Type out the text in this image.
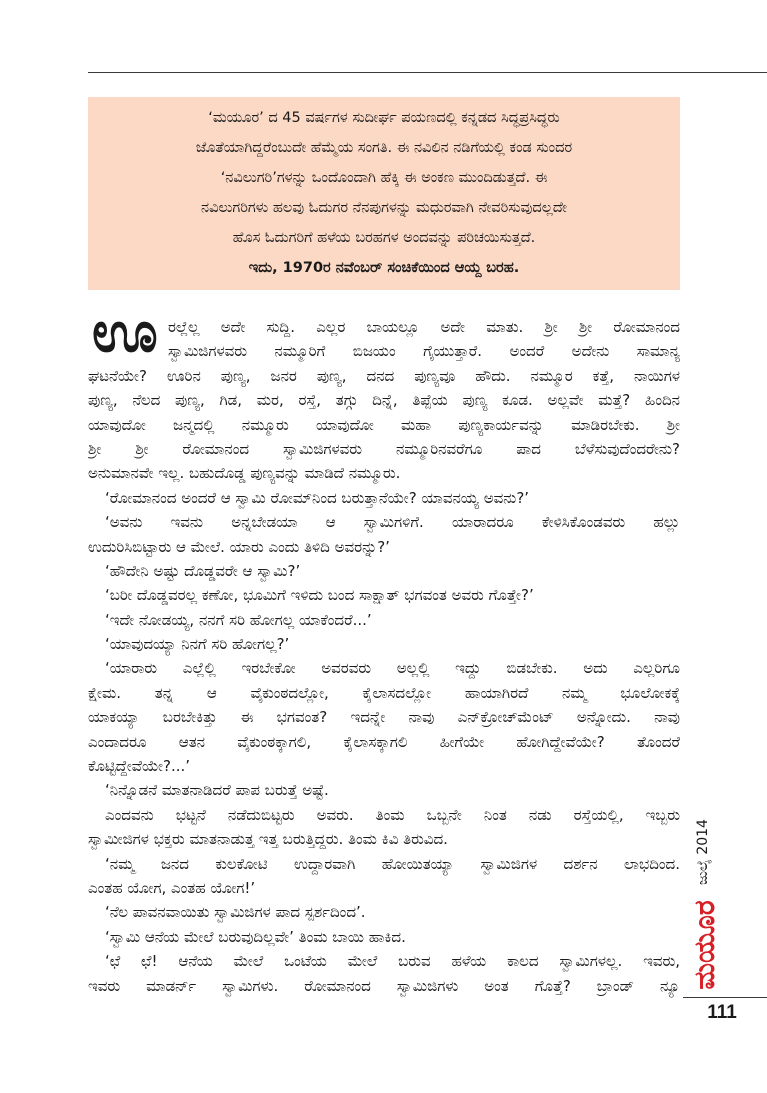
‘ಮಯೂರ’ ದ 45 ವರ್ಷಗಳ ಸುದೀರ್ಘ ಪಯಣದಲ್ಲಿ ಕನ್ನಡದ ಸಿದ್ಧಪ್ರಸಿದ್ಧರು
ಜೊತೆಯಾಗಿದ್ದರೆಂಬುದೇ ಹೆಮ್ಮೆಯ ಸಂಗತಿ. ಈ ನವಿಲಿನ ನಡಿಗೆಯಲ್ಲಿ ಕಂಡ ಸುಂದರ
‘ನವಿಲುಗರಿ’ಗಳನ್ನು ಒಂದೊಂದಾಗಿ ಹೆಕ್ಕಿ ಈ ಅಂಕಣ ಮುಂದಿಡುತ್ತದೆ. ಈ
ನವಿಲುಗರಿಗಳು ಹಲವು ಓದುಗರ ನೆನಪುಗಳನ್ನು ಮಧುರವಾಗಿ ನೇವರಿಸುವುದಲ್ಲದೇ
ಹೊಸ ಓದುಗರಿಗೆ ಹಳೆಯ ಬರಹಗಳ ಅಂದವನ್ನು ಪರಿಚಯಿಸುತ್ತದೆ.
ಇದು, 1970ರ ನವೆಂಬರ್ ಸಂಚಿಕೆಯಿಂದ ಆಯ್ದ ಬರಹ.
ಊ ರಲ್ಲೆಲ್ಲ ಅದೇ ಸುದ್ದಿ. ಎಲ್ಲರ ಬಾಯಲ್ಲೂ ಅದೇ ಮಾತು. ಶ್ರೀ ಶ್ರೀ ರೋಮಾನಂದ
ಸ್ವಾಮಿಜಿಗಳವರು ನಮ್ಮೂರಿಗೆ ಬಿಜಯಂ ಗೈಯುತ್ತಾರೆ. ಅಂದರೆ ಅದೇನು ಸಾಮಾನ್ಯ
ಘಟನೆಯೇ? ಊರಿನ ಪುಣ್ಯ, ಜನರ ಪುಣ್ಯ, ದನದ ಪುಣ್ಯವೂ ಹೌದು. ನಮ್ಮೂರ ಕತ್ತೆ, ನಾಯಿಗಳ
ಪುಣ್ಯ, ನೆಲದ ಪುಣ್ಯ, ಗಿಡ, ಮರ, ರಸ್ತೆ, ತಗ್ಗು ದಿನ್ನೆ, ತಿಪ್ಪೆಯ ಪುಣ್ಯ ಕೂಡ. ಅಲ್ಲವೇ ಮತ್ತೆ? ಹಿಂದಿನ
ಯಾವುದೋ ಜನ್ಮದಲ್ಲಿ ನಮ್ಮೂರು ಯಾವುದೋ ಮಹಾ ಪುಣ್ಯಕಾರ್ಯವನ್ನು ಮಾಡಿರಬೇಕು. ಶ್ರೀ
ಶ್ರೀ ಶ್ರೀ ರೋಮಾನಂದ ಸ್ವಾಮಿಜಿಗಳವರು ನಮ್ಮೂರಿನವರೆಗೂ ಪಾದ ಬೆಳೆಸುವುದೆಂದರೇನು?
ಅನುಮಾನವೇ ಇಲ್ಲ. ಬಹುದೊಡ್ಡ ಪುಣ್ಯವನ್ನು ಮಾಡಿದೆ ನಮ್ಮೂರು.
‘ರೋಮಾನಂದ ಅಂದರೆ ಆ ಸ್ವಾಮಿ ರೋಮ್‌ನಿಂದ ಬರುತ್ತಾನೆಯೇ? ಯಾವನಯ್ಯ ಅವನು?’
‘ಅವನು ಇವನು ಅನ್ನಬೇಡಯಾ ಆ ಸ್ವಾಮಿಗಳಿಗೆ. ಯಾರಾದರೂ ಕೇಳಿಸಿಕೊಂಡವರು ಹಲ್ಲು
ಉದುರಿಸಿಬಿಟ್ಟಾರು ಆ ಮೇಲೆ. ಯಾರು ಎಂದು ತಿಳಿದಿ ಅವರನ್ನು?’
‘ಹೌದೇನಿ ಅಷ್ಟು ದೊಡ್ಡವರೇ ಆ ಸ್ವಾಮಿ?’
‘ಬರೀ ದೊಡ್ಡವರಲ್ಲ ಕಣೋ, ಭೂಮಿಗೆ ಇಳಿದು ಬಂದ ಸಾಕ್ಷಾತ್ ಭಗವಂತ ಅವರು ಗೊತ್ತೇ?’
‘ಇದೇ ನೋಡಯ್ಯ, ನನಗೆ ಸರಿ ಹೋಗಲ್ಲ ಯಾಕೆಂದರೆ...’
‘ಯಾವುದಯ್ಯಾ ನಿನಗೆ ಸರಿ ಹೋಗಲ್ಲ?’
‘ಯಾರಾರು ಎಲ್ಲೆಲ್ಲಿ ಇರಬೇಕೋ ಅವರವರು ಅಲ್ಲಲ್ಲಿ ಇದ್ದು ಬಿಡಬೇಕು. ಅದು ಎಲ್ಲರಿಗೂ
ಕ್ಷೇಮ. ತನ್ನ ಆ ವೈಕುಂಠದಲ್ಲೋ, ಕೈಲಾಸದಲ್ಲೋ ಹಾಯಾಗಿರದೆ ನಮ್ಮ ಭೂಲೋಕಕ್ಕೆ
ಯಾಕಯ್ಯಾ ಬರಬೇಕಿತ್ತು ಈ ಭಗವಂತ? ಇದನ್ನೇ ನಾವು ಎನ್‌ಕ್ರೋಚ್‌ಮೆಂಟ್ ಅನ್ನೋದು. ನಾವು
ಎಂದಾದರೂ ಆತನ ವೈಕುಂಠಕ್ಕಾಗಲಿ, ಕೈಲಾಸಕ್ಕಾಗಲಿ ಹೀಗೆಯೇ ಹೋಗಿದ್ದೇವೆಯೇ? ತೊಂದರೆ
ಕೊಟ್ಟಿದ್ದೇವೆಯೇ?...’
‘ನಿನ್ನೊಡನೆ ಮಾತನಾಡಿದರೆ ಪಾಪ ಬರುತ್ತೆ ಅಷ್ಟೆ.
ಎಂದವನು ಭಟ್ಟನೆ ನಡೆದುಬಿಟ್ಟರು ಅವರು. ತಿಂಮ ಒಬ್ಬನೇ ನಿಂತ ನಡು ರಸ್ತೆಯಲ್ಲಿ, ಇಬ್ಬರು
ಸ್ವಾಮೀಜಿಗಳ ಭಕ್ತರು ಮಾತನಾಡುತ್ತ ಇತ್ತ ಬರುತ್ತಿದ್ದರು. ತಿಂಮ ಕಿವಿ ತಿರುವಿದ.
‘ನಮ್ಮ ಜನದ ಕುಲಕೋಟಿ ಉದ್ದಾರವಾಗಿ ಹೋಯಿತಯ್ಯಾ ಸ್ವಾಮಿಜಿಗಳ ದರ್ಶನ ಲಾಭದಿಂದ.
ಎಂತಹ ಯೋಗ, ಎಂತಹ ಯೋಗ!’
‘ನೆಲ ಪಾವನವಾಯಿತು ಸ್ವಾಮಿಜಿಗಳ ಪಾದ ಸ್ಪರ್ಶದಿಂದ’.
‘ಸ್ವಾಮಿ ಆನೆಯ ಮೇಲೆ ಬರುವುದಿಲ್ಲವೇ’ ತಿಂಮ ಬಾಯಿ ಹಾಕಿದ.
‘ಛೆ ಛೆ! ಆನೆಯ ಮೇಲೆ ಒಂಟೆಯ ಮೇಲೆ ಬರುವ ಹಳೆಯ ಕಾಲದ ಸ್ವಾಮಿಗಳಲ್ಲ. ಇವರು,
ಇವರು ಮಾಡರ್ನ್ ಸ್ವಾಮಿಗಳು. ರೋಮಾನಂದ ಸ್ವಾಮಿಜಿಗಳು ಅಂತ ಗೊತ್ತೆ? ಬ್ರಾಂಡ್ ನ್ಯೂ
ಜುಲೈ 2014
ಮಯೂರ
111
